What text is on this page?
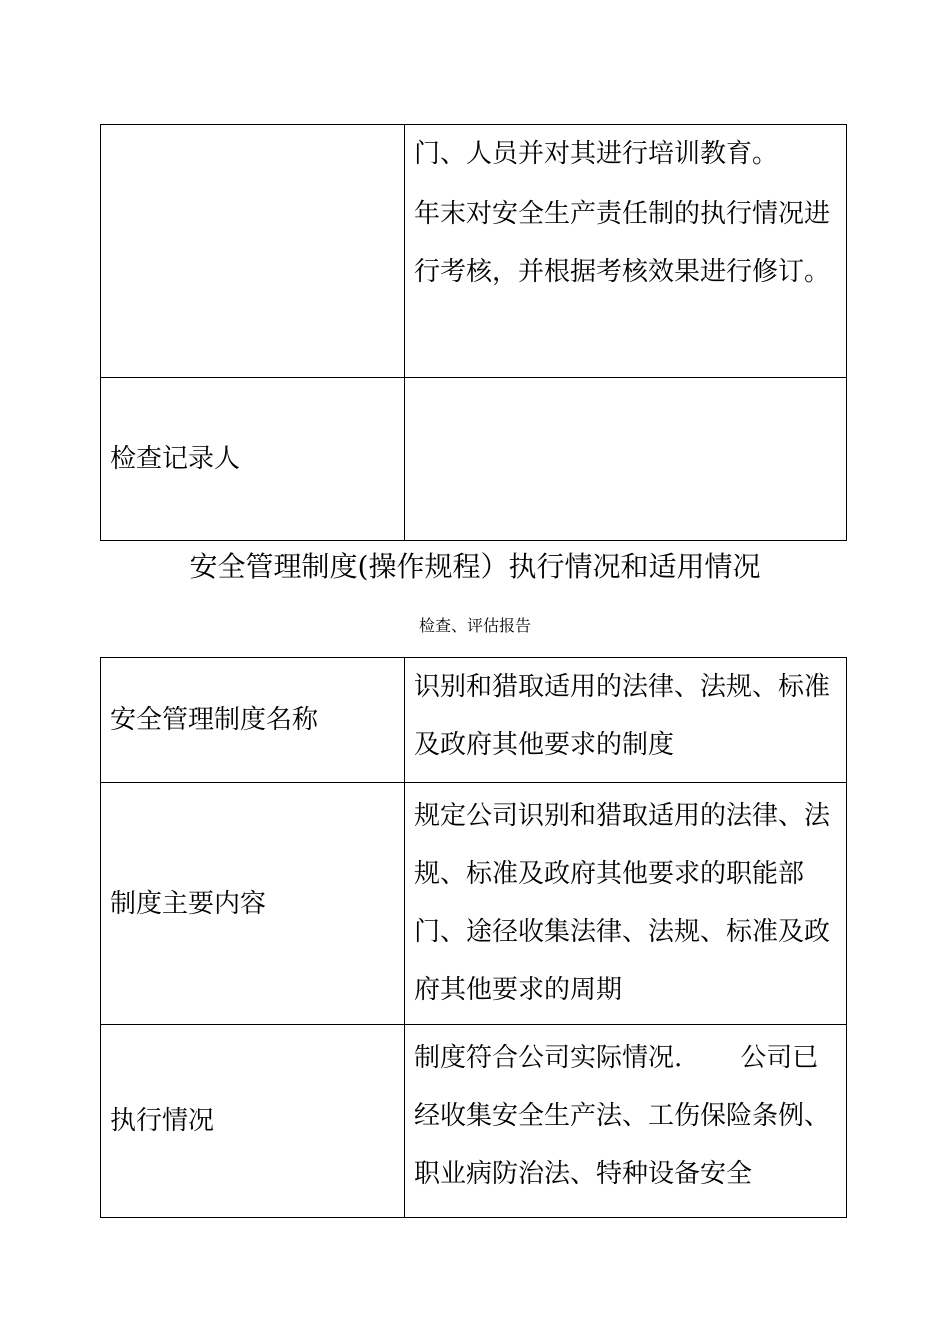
	门、人员并对其进行培训教育。

年末对安全生产责任制的执行情况进行考核，并根据考核效果进行修订。

检查记录人	
安全管理制度(操作规程）执行情况和适用情况

检查、评估报告

安全管理制度名称	识别和猎取适用的法律、法规、标准及政府其他要求的制度
制度主要内容	规定公司识别和猎取适用的法律、法规、标准及政府其他要求的职能部门、途径收集法律、法规、标准及政府其他要求的周期
执行情况	制度符合公司实际情况. 公司已经收集安全生产法、工伤保险条例、职业病防治法、特种设备安全
